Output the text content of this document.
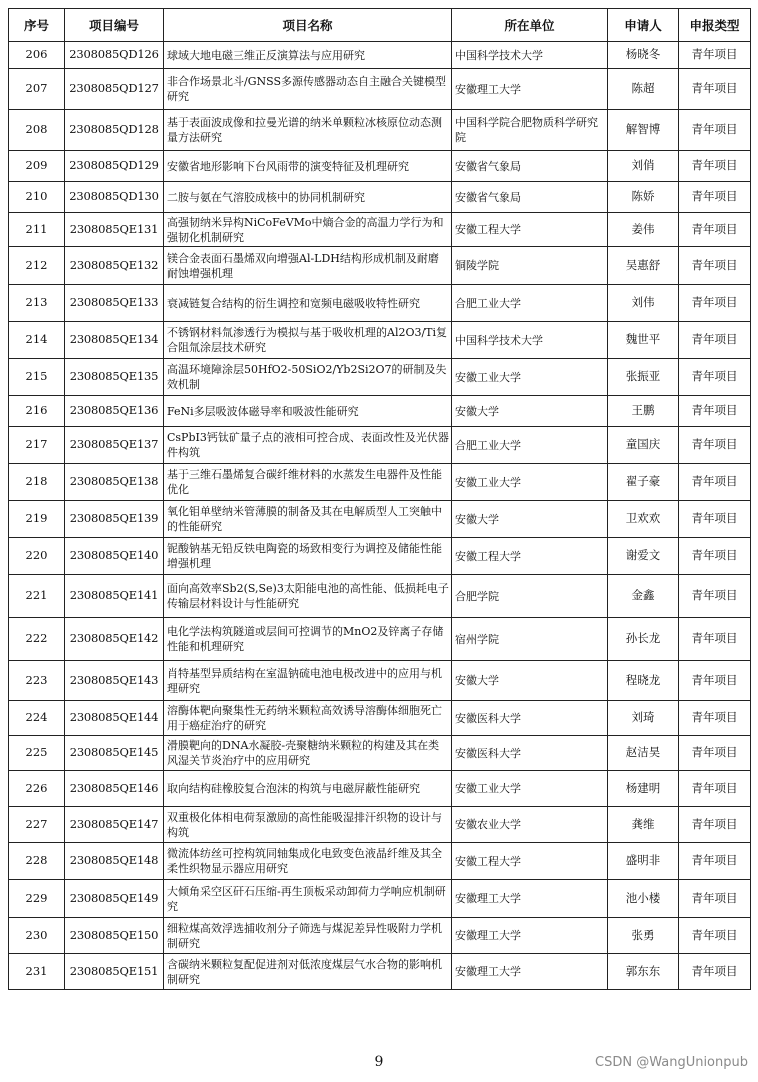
序号	项目编号	项目名称	所在单位	申请人	申报类型
206	2308085QD126	球域大地电磁三维正反演算法与应用研究	中国科学技术大学	杨晓冬	青年项目
207	2308085QD127	非合作场景北斗/GNSS多源传感器动态自主融合关键模型研究	安徽理工大学	陈超	青年项目
208	2308085QD128	基于表面波成像和拉曼光谱的纳米单颗粒冰核原位动态测量方法研究	中国科学院合肥物质科学研究院	解智博	青年项目
209	2308085QD129	安徽省地形影响下台风雨带的演变特征及机理研究	安徽省气象局	刘俏	青年项目
210	2308085QD130	二胺与氨在气溶胶成核中的协同机制研究	安徽省气象局	陈娇	青年项目
211	2308085QE131	高强韧纳米异构NiCoFeVMo中熵合金的高温力学行为和强韧化机制研究	安徽工程大学	姜伟	青年项目
212	2308085QE132	镁合金表面石墨烯双向增强Al-LDH结构形成机制及耐磨耐蚀增强机理	铜陵学院	吴惠舒	青年项目
213	2308085QE133	衰减链复合结构的衍生调控和宽频电磁吸收特性研究	合肥工业大学	刘伟	青年项目
214	2308085QE134	不锈钢材料氚渗透行为模拟与基于吸收机理的Al2O3/Ti复合阻氚涂层技术研究	中国科学技术大学	魏世平	青年项目
215	2308085QE135	高温环境障涂层50HfO2-50SiO2/Yb2Si2O7的研制及失效机制	安徽工业大学	张振亚	青年项目
216	2308085QE136	FeNi多层吸波体磁导率和吸波性能研究	安徽大学	王鹏	青年项目
217	2308085QE137	CsPbI3钙钛矿量子点的液相可控合成、表面改性及光伏器件构筑	合肥工业大学	童国庆	青年项目
218	2308085QE138	基于三维石墨烯复合碳纤维材料的水蒸发生电器件及性能优化	安徽工业大学	翟子豪	青年项目
219	2308085QE139	氧化钼单壁纳米管薄膜的制备及其在电解质型人工突触中的性能研究	安徽大学	卫欢欢	青年项目
220	2308085QE140	铌酸钠基无铅反铁电陶瓷的场致相变行为调控及储能性能增强机理	安徽工程大学	谢爱文	青年项目
221	2308085QE141	面向高效率Sb2(S,Se)3太阳能电池的高性能、低损耗电子传输层材料设计与性能研究	合肥学院	金鑫	青年项目
222	2308085QE142	电化学法构筑隧道或层间可控调节的MnO2及锌离子存储性能和机理研究	宿州学院	孙长龙	青年项目
223	2308085QE143	肖特基型异质结构在室温钠硫电池电极改进中的应用与机理研究	安徽大学	程晓龙	青年项目
224	2308085QE144	溶酶体靶向聚集性无药纳米颗粒高效诱导溶酶体细胞死亡用于癌症治疗的研究	安徽医科大学	刘琦	青年项目
225	2308085QE145	滑膜靶向的DNA水凝胶-壳聚糖纳米颗粒的构建及其在类风湿关节炎治疗中的应用研究	安徽医科大学	赵洁昊	青年项目
226	2308085QE146	取向结构硅橡胶复合泡沫的构筑与电磁屏蔽性能研究	安徽工业大学	杨建明	青年项目
227	2308085QE147	双重极化体相电荷泵激励的高性能吸湿排汗织物的设计与构筑	安徽农业大学	龚维	青年项目
228	2308085QE148	微流体纺丝可控构筑同轴集成化电致变色液晶纤维及其全柔性织物显示器应用研究	安徽工程大学	盛明非	青年项目
229	2308085QE149	大倾角采空区矸石压缩-再生顶板采动卸荷力学响应机制研究	安徽理工大学	池小楼	青年项目
230	2308085QE150	细粒煤高效浮选捕收剂分子筛选与煤泥差异性吸附力学机制研究	安徽理工大学	张勇	青年项目
231	2308085QE151	含碳纳米颗粒复配促进剂对低浓度煤层气水合物的影响机制研究	安徽理工大学	郭东东	青年项目
9	CSDN @WangUnionpub
